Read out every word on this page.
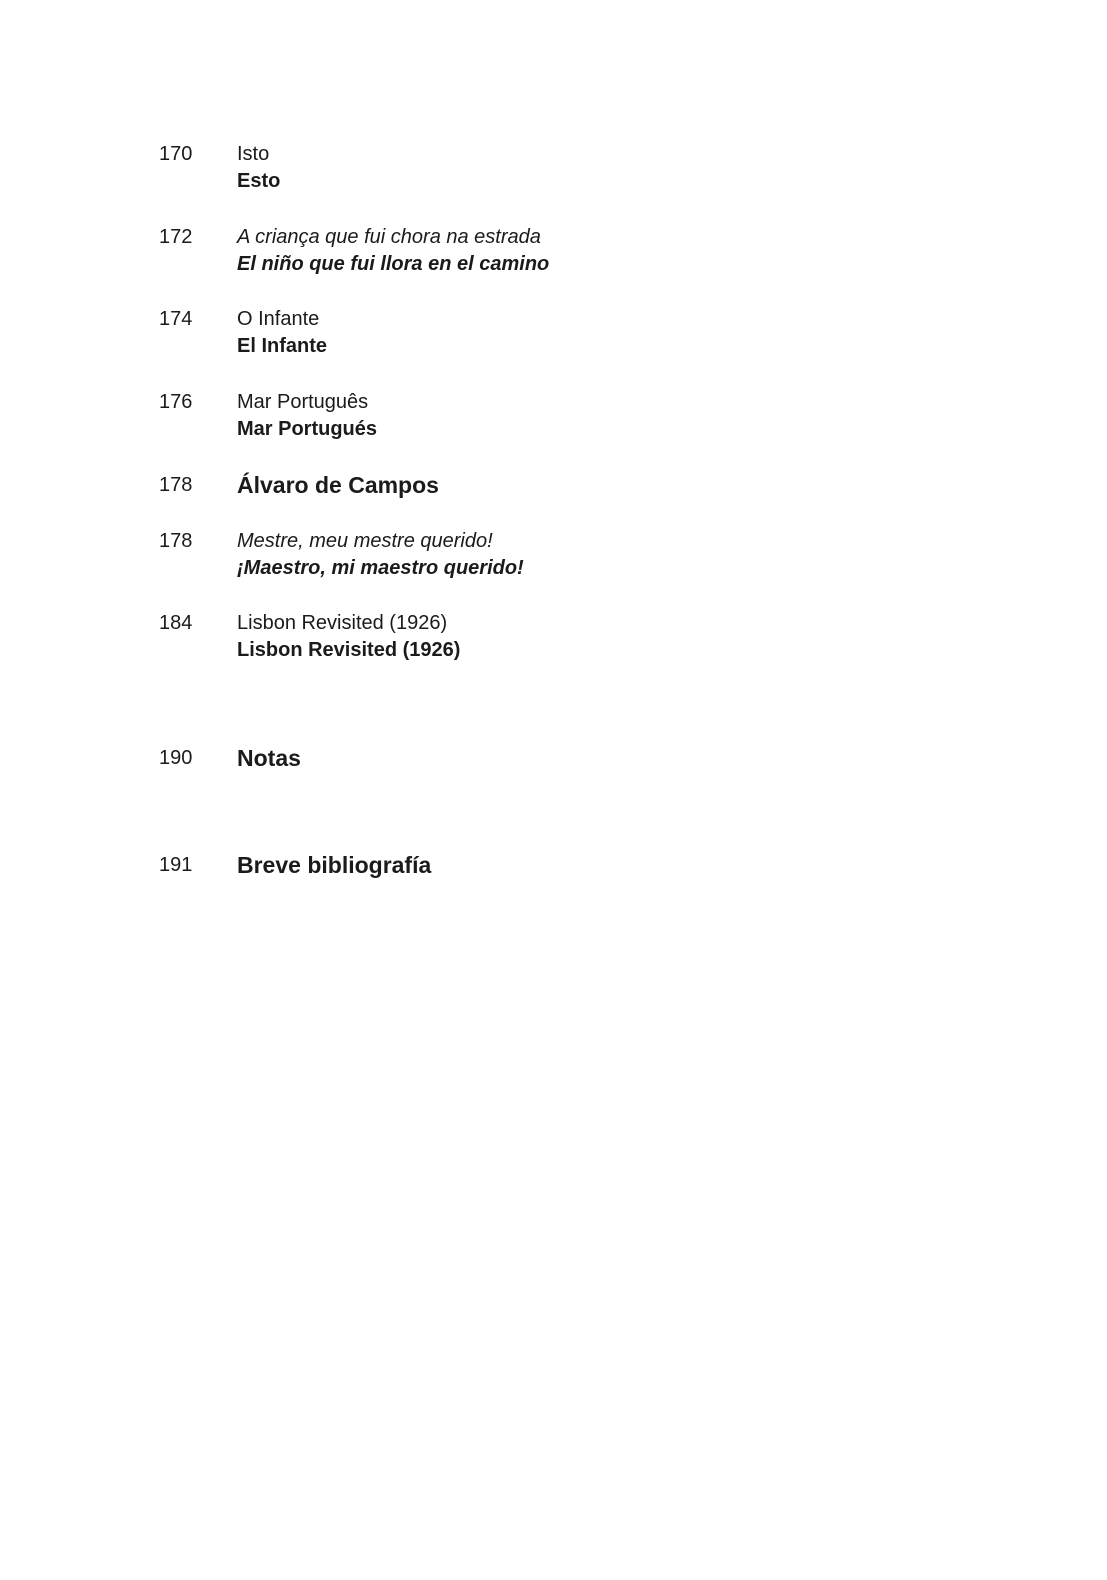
170 Isto
Esto
172 A criança que fui chora na estrada
El niño que fui llora en el camino
174 O Infante
El Infante
176 Mar Português
Mar Portugués
178 Álvaro de Campos
178 Mestre, meu mestre querido!
¡Maestro, mi maestro querido!
184 Lisbon Revisited (1926)
Lisbon Revisited (1926)
190 Notas
191 Breve bibliografía
